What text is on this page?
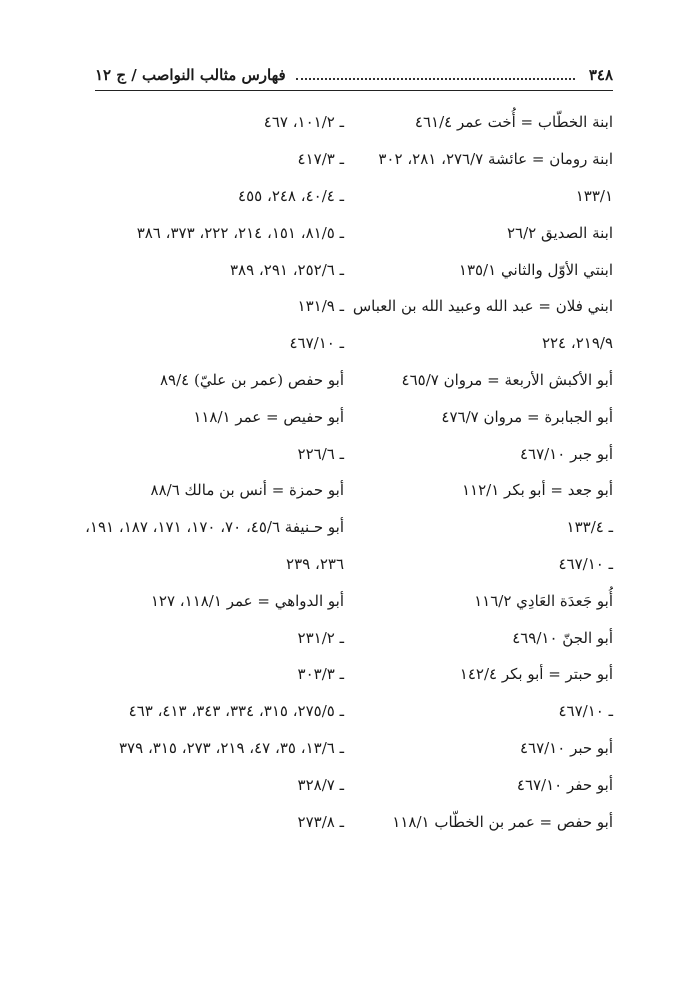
٣٤٨
فهارس مثالب النواصب / ج ١٢
ابنة الخطّاب = أُخت عمر ٤٦١/٤
ـ ١٠١/٢، ٤٦٧
ابنة رومان = عائشة ٢٧٦/٧، ٢٨١، ٣٠٢
ـ ٤١٧/٣
١٣٣/١
ـ ٤٠/٤، ٢٤٨، ٤٥٥
ابنة الصديق ٢٦/٢
ـ ٨١/٥، ١٥١، ٢١٤، ٢٢٢، ٣٧٣، ٣٨٦
ابنتي الأوّل والثاني ١٣٥/١
ـ ٢٥٢/٦، ٢٩١، ٣٨٩
ابني فلان = عبد الله وعبيد الله بن العباس
ـ ١٣١/٩
٢١٩/٩، ٢٢٤
ـ ٤٦٧/١٠
أبو الأكبش الأربعة = مروان ٤٦٥/٧
أبو حفص (عمر بن عليّ) ٨٩/٤
أبو الجبابرة = مروان ٤٧٦/٧
أبو حفيص = عمر ١١٨/١
أبو جبر ٤٦٧/١٠
ـ ٢٢٦/٦
أبو جعد = أبو بكر ١١٢/١
أبو حمزة = أنس بن مالك ٨٨/٦
ـ ١٣٣/٤
أبو حـنيفة ٤٥/٦، ٧٠، ١٧٠، ١٧١، ١٨٧، ١٩١،
ـ ٤٦٧/١٠
٢٣٦، ٢٣٩
أُبو جَعدَة العَادِي ١١٦/٢
أبو الدواهي = عمر ١١٨/١، ١٢٧
أبو الجنّ ٤٦٩/١٠
ـ ٢٣١/٢
أبو حبتر = أبو بكر ١٤٢/٤
ـ ٣٠٣/٣
ـ ٤٦٧/١٠
ـ ٢٧٥/٥، ٣١٥، ٣٣٤، ٣٤٣، ٤١٣، ٤٦٣
أبو حبر ٤٦٧/١٠
ـ ١٣/٦، ٣٥، ٤٧، ٢١٩، ٢٧٣، ٣١٥، ٣٧٩
أبو حفر ٤٦٧/١٠
ـ ٣٢٨/٧
أبو حفص = عمر بن الخطّاب ١١٨/١
ـ ٢٧٣/٨
